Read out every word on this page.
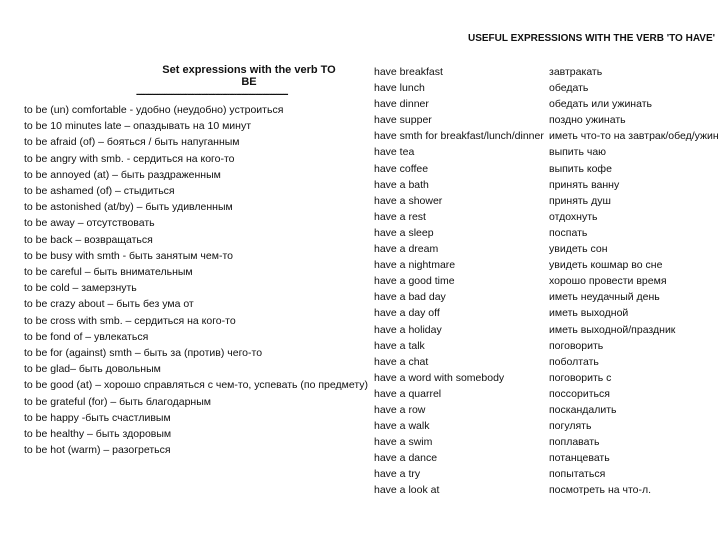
USEFUL EXPRESSIONS WITH THE VERB 'TO HAVE'
Set expressions with the verb TO BE
-----------------------------------------------------------------
to be (un) comfortable - удобно (неудобно) устроиться
to be 10 minutes late – опаздывать на 10 минут
to be afraid (of) – бояться / быть напуганным
to be angry with smb. - сердиться на кого-то
to be annoyed (at) – быть раздраженным
to be ashamed (of) – стыдиться
to be astonished (at/by) – быть удивленным
to be away – отсутствовать
to be back – возвращаться
to be busy with smth - быть занятым чем-то
to be careful – быть внимательным
to be cold – замерзнуть
to be crazy about – быть без ума от
to be cross with smb. – сердиться на кого-то
to be fond of – увлекаться
to be for (against) smth – быть за (против) чего-то
to be glad– быть довольным
to be good (at) – хорошо справляться с чем-то, успевать (по предмету)
to be grateful (for) – быть благодарным
to be happy -быть счастливым
to be healthy – быть здоровым
to be hot (warm) – разогреться
have breakfast	завтракать
have lunch	обедать
have dinner	обедать или ужинать
have supper	поздно ужинать
have smth for breakfast/lunch/dinner иметь что-то на завтрак/обед/ужин
have tea	выпить чаю
have coffee	выпить кофе
have a bath	принять ванну
have a shower	принять душ
have a rest	отдохнуть
have a sleep	поспать
have a dream	увидеть сон
have a nightmare	увидеть кошмар во сне
have a good time	хорошо провести время
have a bad day	иметь неудачный день
have a day off	иметь выходной
have a holiday	иметь выходной/праздник
have a talk	поговорить
have a chat	поболтать
have a word with somebody	поговорить с
have a quarrel	поссориться
have a row	поскандалить
have a walk	погулять
have a swim	поплавать
have a dance	потанцевать
have a try	попытаться
have a look at	посмотреть на что-л.
